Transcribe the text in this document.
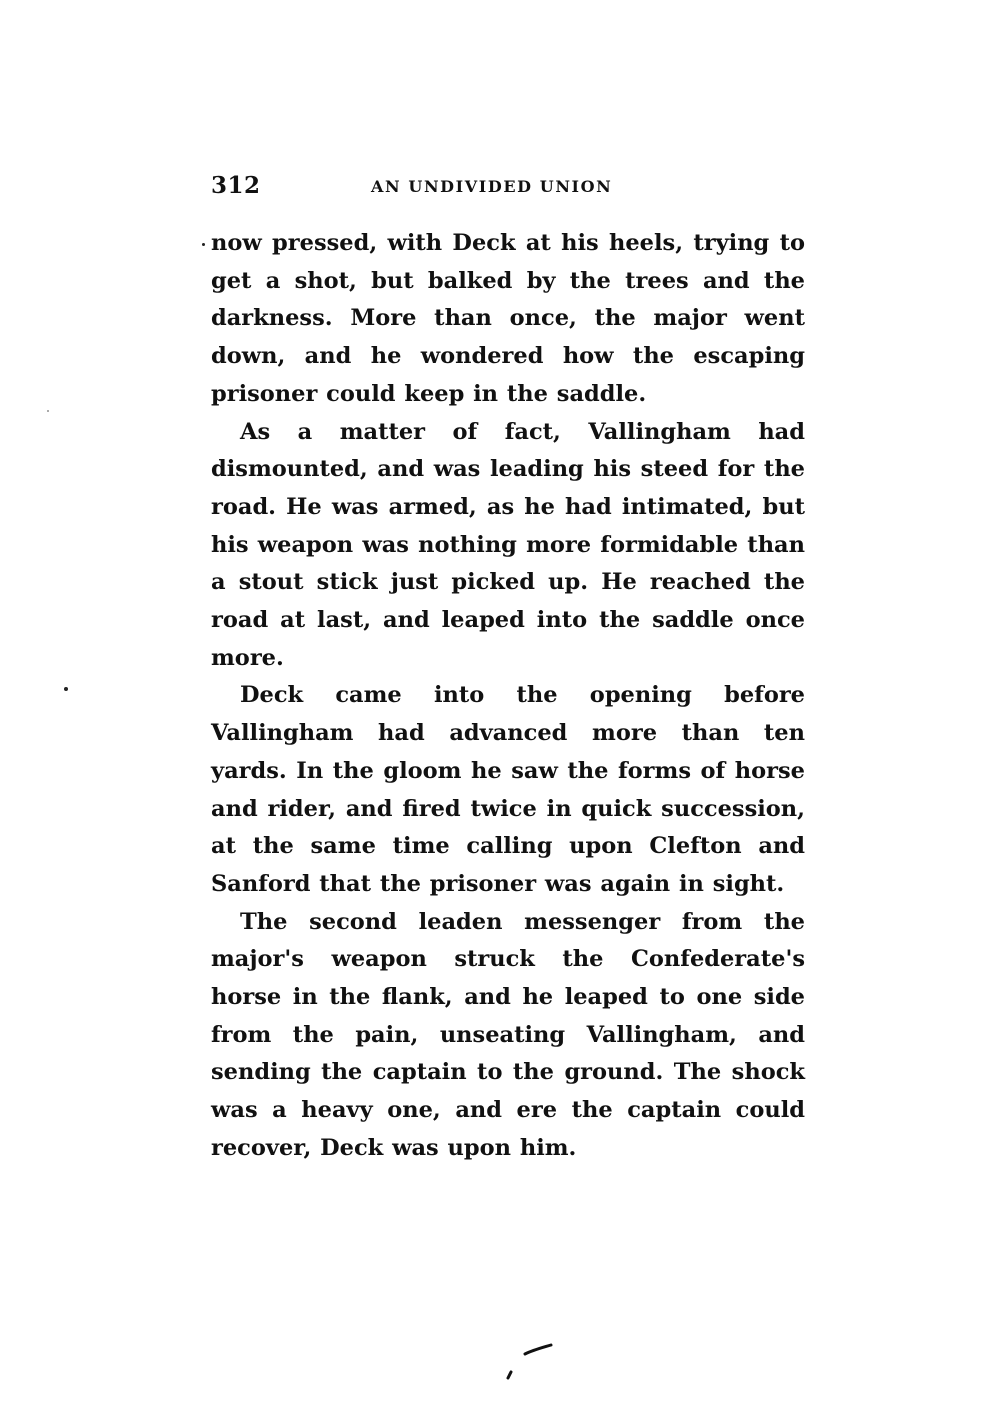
312	AN UNDIVIDED UNION

now pressed, with Deck at his heels, trying to get a shot, but balked by the trees and the darkness. More than once, the major went down, and he wondered how the escaping prisoner could keep in the saddle.

As a matter of fact, Vallingham had dismounted, and was leading his steed for the road. He was armed, as he had intimated, but his weapon was nothing more formidable than a stout stick just picked up. He reached the road at last, and leaped into the saddle once more.

Deck came into the opening before Vallingham had advanced more than ten yards. In the gloom he saw the forms of horse and rider, and fired twice in quick succession, at the same time calling upon Clefton and Sanford that the prisoner was again in sight.

The second leaden messenger from the major's weapon struck the Confederate's horse in the flank, and he leaped to one side from the pain, unseating Vallingham, and sending the captain to the ground. The shock was a heavy one, and ere the captain could recover, Deck was upon him.
